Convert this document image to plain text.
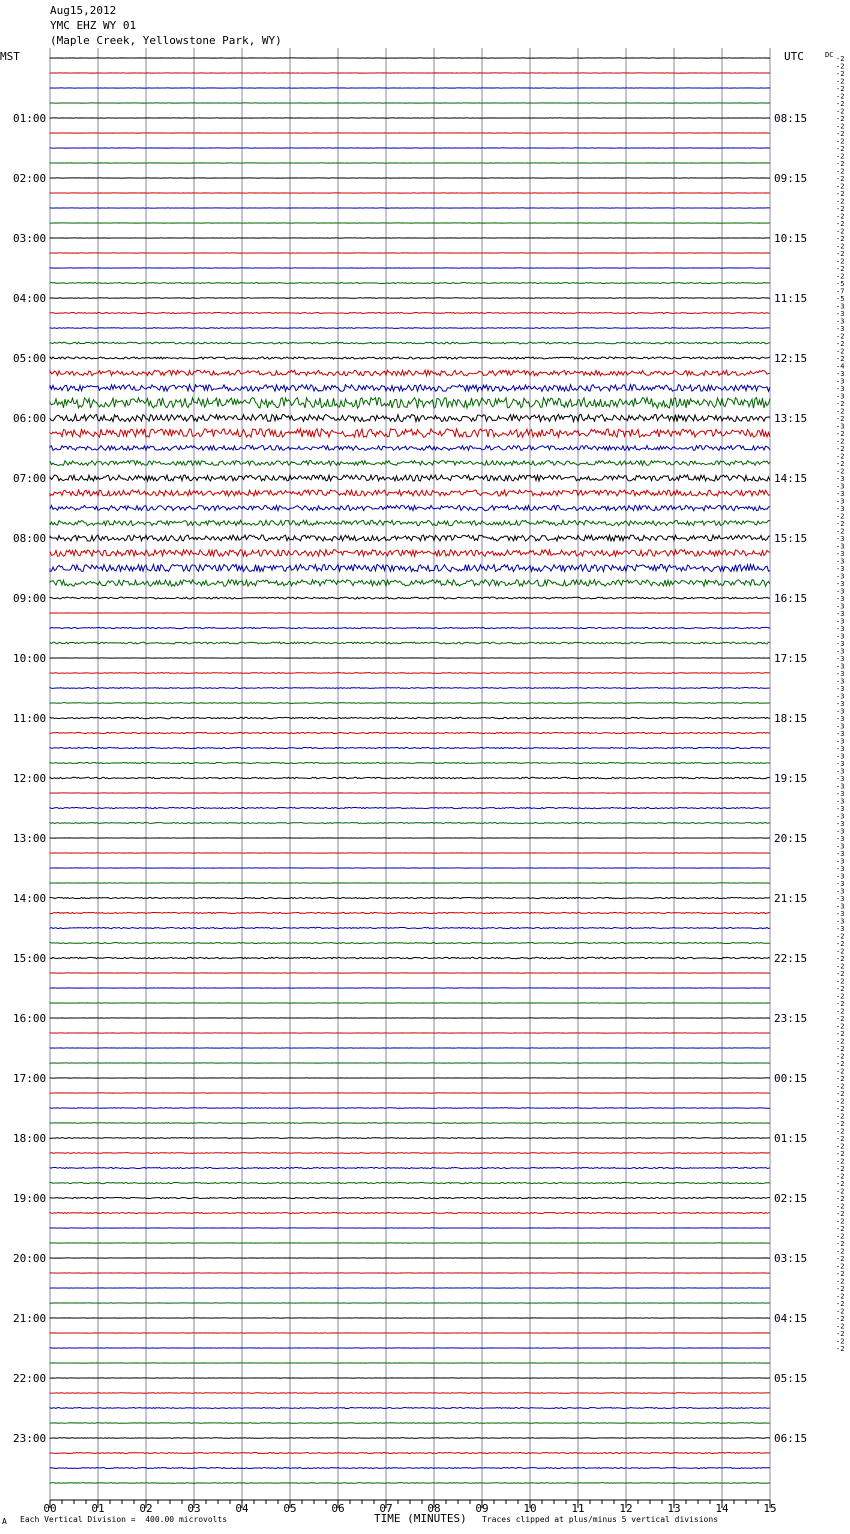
Aug15,2012
YMC EHZ WY 01
(Maple Creek, Yellowstone Park, WY)
MST	UTC	DC
01:00
02:00
03:00
04:00
05:00
06:00
07:00
08:00
09:00
10:00
11:00
12:00
13:00
14:00
15:00
16:00
17:00
18:00
19:00
20:00
21:00
22:00
23:00
08:15
09:15
10:15
11:15
12:15
13:15
14:15
15:15
16:15
17:15
18:15
19:15
20:15
21:15
22:15
23:15
00:15
01:15
02:15
03:15
04:15
05:15
06:15
-2
-2
-2
-2
-2
-2
-2
-2
-2
-2
-2
-2
-2
-2
-2
-2
-2
-2
-2
-2
-2
-2
-2
-2
-2
-2
-2
-2
-2
-2
-5
-7
-5
-3
-3
-3
-3
-2
-2
-2
-2
-4
-3
-3
-3
-3
-2
-2
-2
-3
-2
-2
-2
-2
-2
-2
-3
-3
-3
-3
-3
-2
-2
-2
-3
-3
-3
-3
-3
-3
-3
-3
-3
-3
-3
-3
-3
-3
-3
-3
-3
-3
-3
-3
-3
-3
-3
-3
-3
-3
-3
-3
-3
-3
-3
-3
-3
-3
-3
-3
-3
-3
-3
-3
-3
-3
-3
-3
-3
-3
-3
-3
-3
-3
-3
-3
-3
-2
-2
-2
-2
-2
-2
-2
-2
-2
-2
-2
-2
-2
-2
-2
-2
-2
-2
-2
-2
-2
-2
-2
-2
-2
-2
-2
-2
-2
-2
-2
-2
-2
-2
-2
-2
-2
-2
-2
-2
-2
-2
-2
-2
-2
-2
-2
-2
-2
-2
-2
-2
-2
-2
-2
-2
00	01	02	03	04	05	06	07	08	09	10	11	12	13	14	15
A Each Vertical Division =  400.00 microvolts	TIME (MINUTES) Traces clipped at plus/minus 5 vertical divisions
